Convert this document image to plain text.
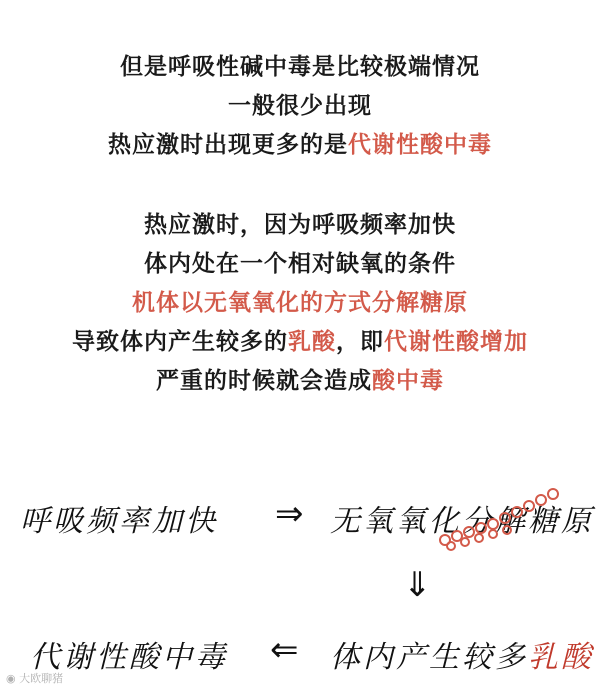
但是呼吸性碱中毒是比较极端情况
一般很少出现
热应激时出现更多的是代谢性酸中毒
热应激时，因为呼吸频率加快
体内处在一个相对缺氧的条件
机体以无氧氧化的方式分解糖原
导致体内产生较多的乳酸，即代谢性酸增加
严重的时候就会造成酸中毒
呼吸频率加快 ⇒ 无氧氧化分解糖原
⇓
体内产生较多乳酸
⇐
代谢性酸中毒
◉ 大欧聊猪
